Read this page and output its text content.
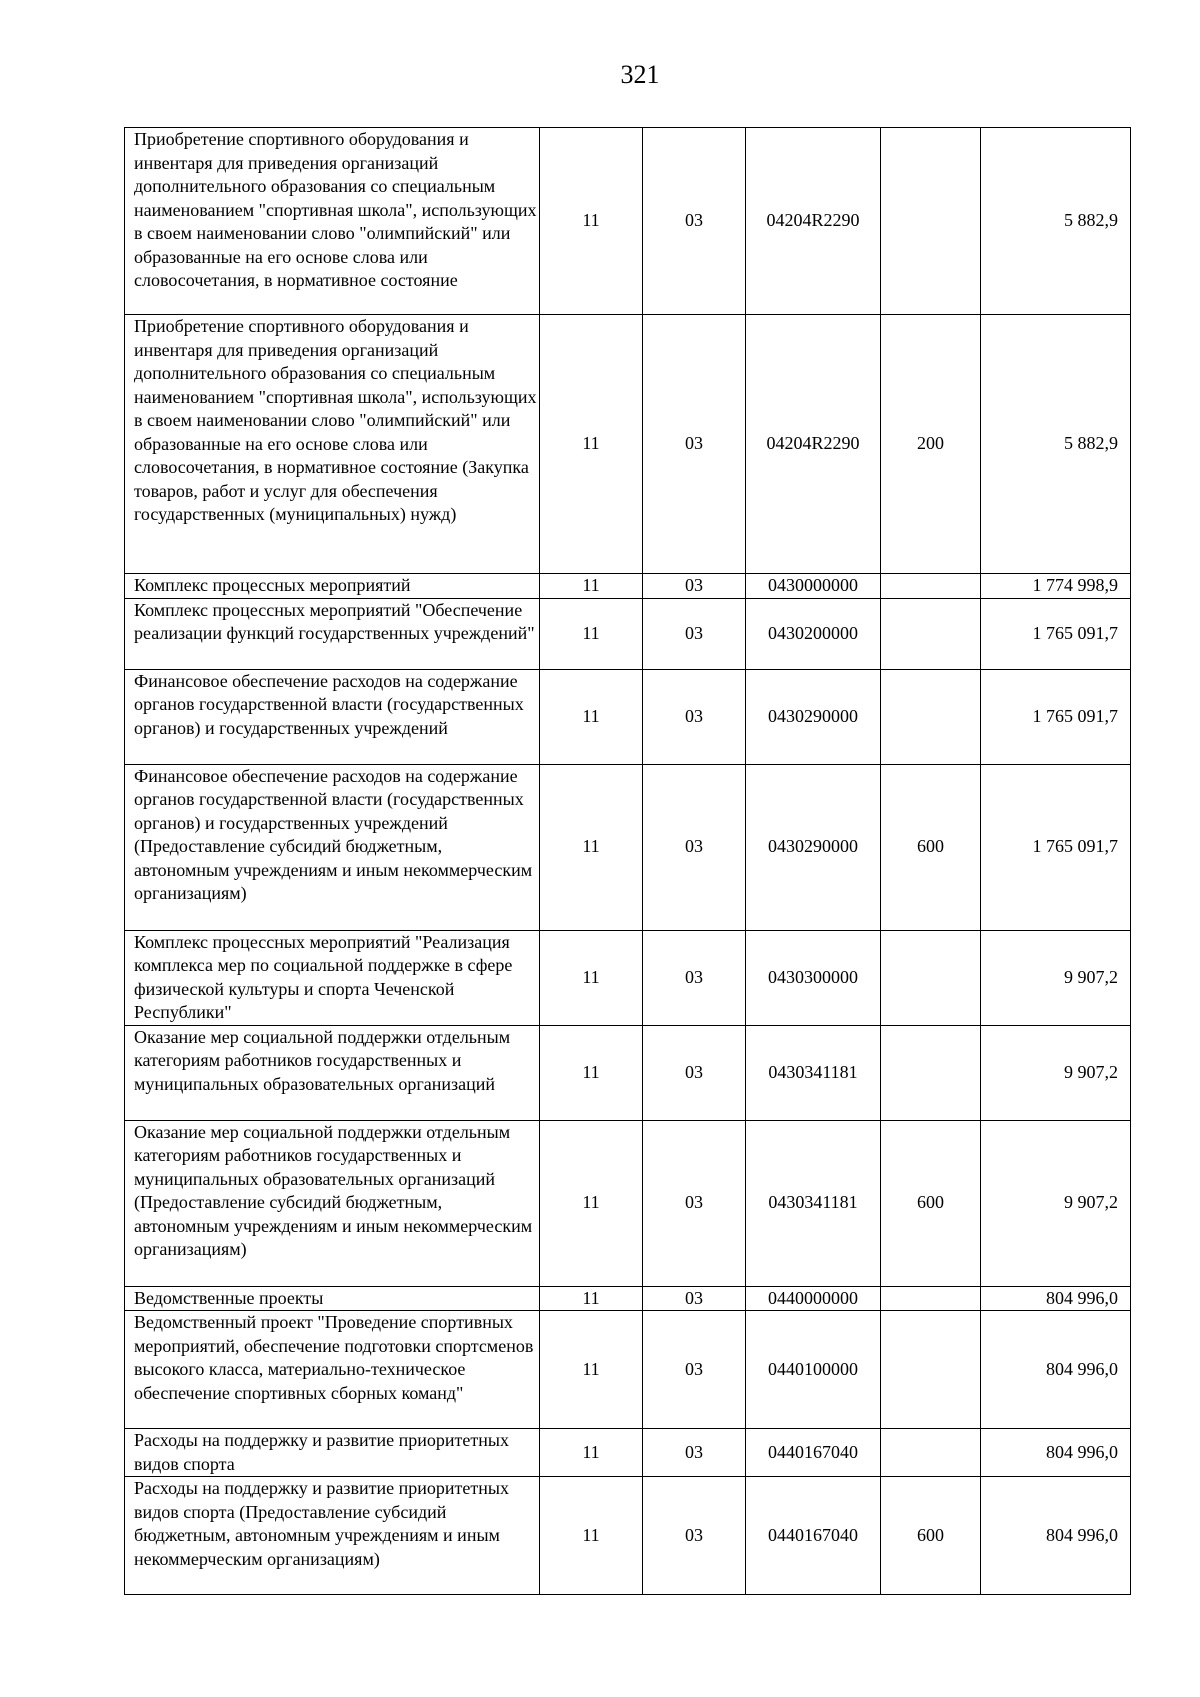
321
Приобретение спортивного оборудования и инвентаря для приведения организаций дополнительного образования со специальным наименованием "спортивная школа", использующих в своем наименовании слово "олимпийский" или образованные на его основе слова или словосочетания, в нормативное состояние	11	03	04204R2290		5 882,9
Приобретение спортивного оборудования и инвентаря для приведения организаций дополнительного образования со специальным наименованием "спортивная школа", использующих в своем наименовании слово "олимпийский" или образованные на его основе слова или словосочетания, в нормативное состояние (Закупка товаров, работ и услуг для обеспечения государственных (муниципальных) нужд)	11	03	04204R2290	200	5 882,9
Комплекс процессных мероприятий	11	03	0430000000		1 774 998,9
Комплекс процессных мероприятий "Обеспечение реализации функций государственных учреждений"	11	03	0430200000		1 765 091,7
Финансовое обеспечение расходов на содержание органов государственной власти (государственных органов) и государственных учреждений	11	03	0430290000		1 765 091,7
Финансовое обеспечение расходов на содержание органов государственной власти (государственных органов) и государственных учреждений (Предоставление субсидий бюджетным, автономным учреждениям и иным некоммерческим организациям)	11	03	0430290000	600	1 765 091,7
Комплекс процессных мероприятий "Реализация комплекса мер по социальной поддержке в сфере физической культуры и спорта Чеченской Республики"	11	03	0430300000		9 907,2
Оказание мер социальной поддержки отдельным категориям работников государственных и муниципальных образовательных организаций	11	03	0430341181		9 907,2
Оказание мер социальной поддержки отдельным категориям работников государственных и муниципальных образовательных организаций (Предоставление субсидий бюджетным, автономным учреждениям и иным некоммерческим организациям)	11	03	0430341181	600	9 907,2
Ведомственные проекты	11	03	0440000000		804 996,0
Ведомственный проект "Проведение спортивных мероприятий, обеспечение подготовки спортсменов высокого класса, материально-техническое обеспечение спортивных сборных команд"	11	03	0440100000		804 996,0
Расходы на поддержку и развитие приоритетных видов спорта	11	03	0440167040		804 996,0
Расходы на поддержку и развитие приоритетных видов спорта (Предоставление субсидий бюджетным, автономным учреждениям и иным некоммерческим организациям)	11	03	0440167040	600	804 996,0
